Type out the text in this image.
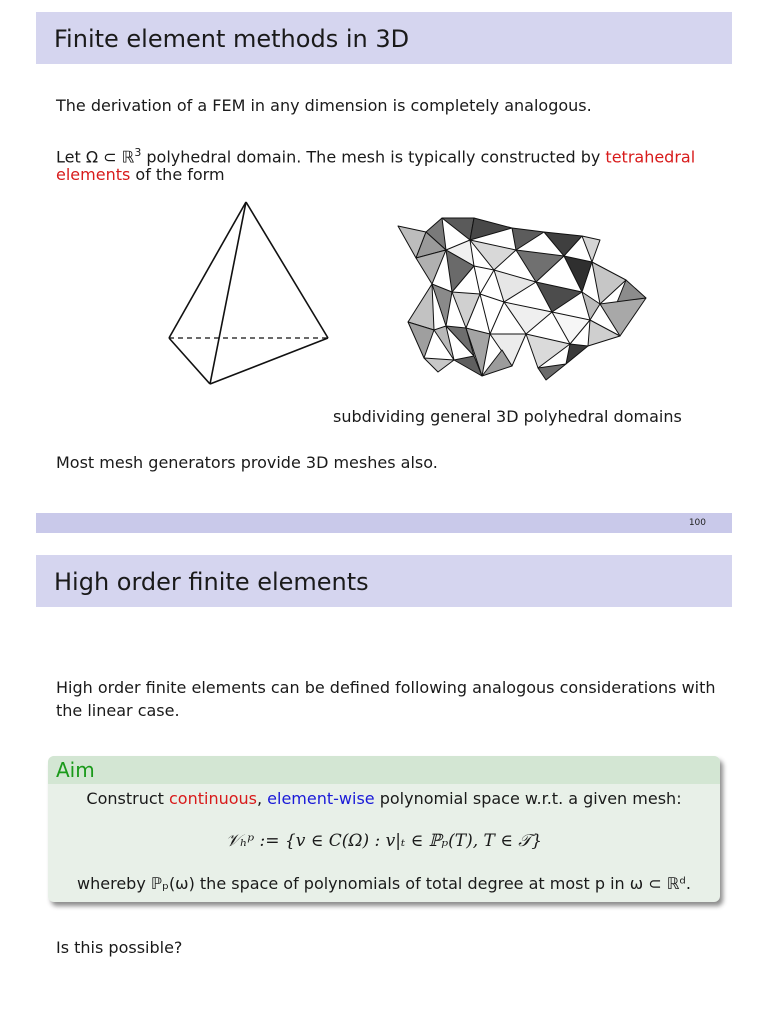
Finite element methods in 3D
The derivation of a FEM in any dimension is completely analogous.
Let Ω ⊂ ℝ$^3$ polyhedral domain. The mesh is typically constructed by tetrahedral
elements of the form
subdividing general 3D polyhedral domains
Most mesh generators provide 3D meshes also.
100
High order finite elements
High order finite elements can be defined following analogous considerations with
the linear case.
Aim
Construct continuous, element-wise polynomial space w.r.t. a given mesh:
𝒱ₕᵖ := {v ∈ C(Ω) : v|ₜ ∈ ℙₚ(T), T ∈ 𝒯}
whereby ℙₚ(ω) the space of polynomials of total degree at most p in ω ⊂ ℝᵈ.
Is this possible?
